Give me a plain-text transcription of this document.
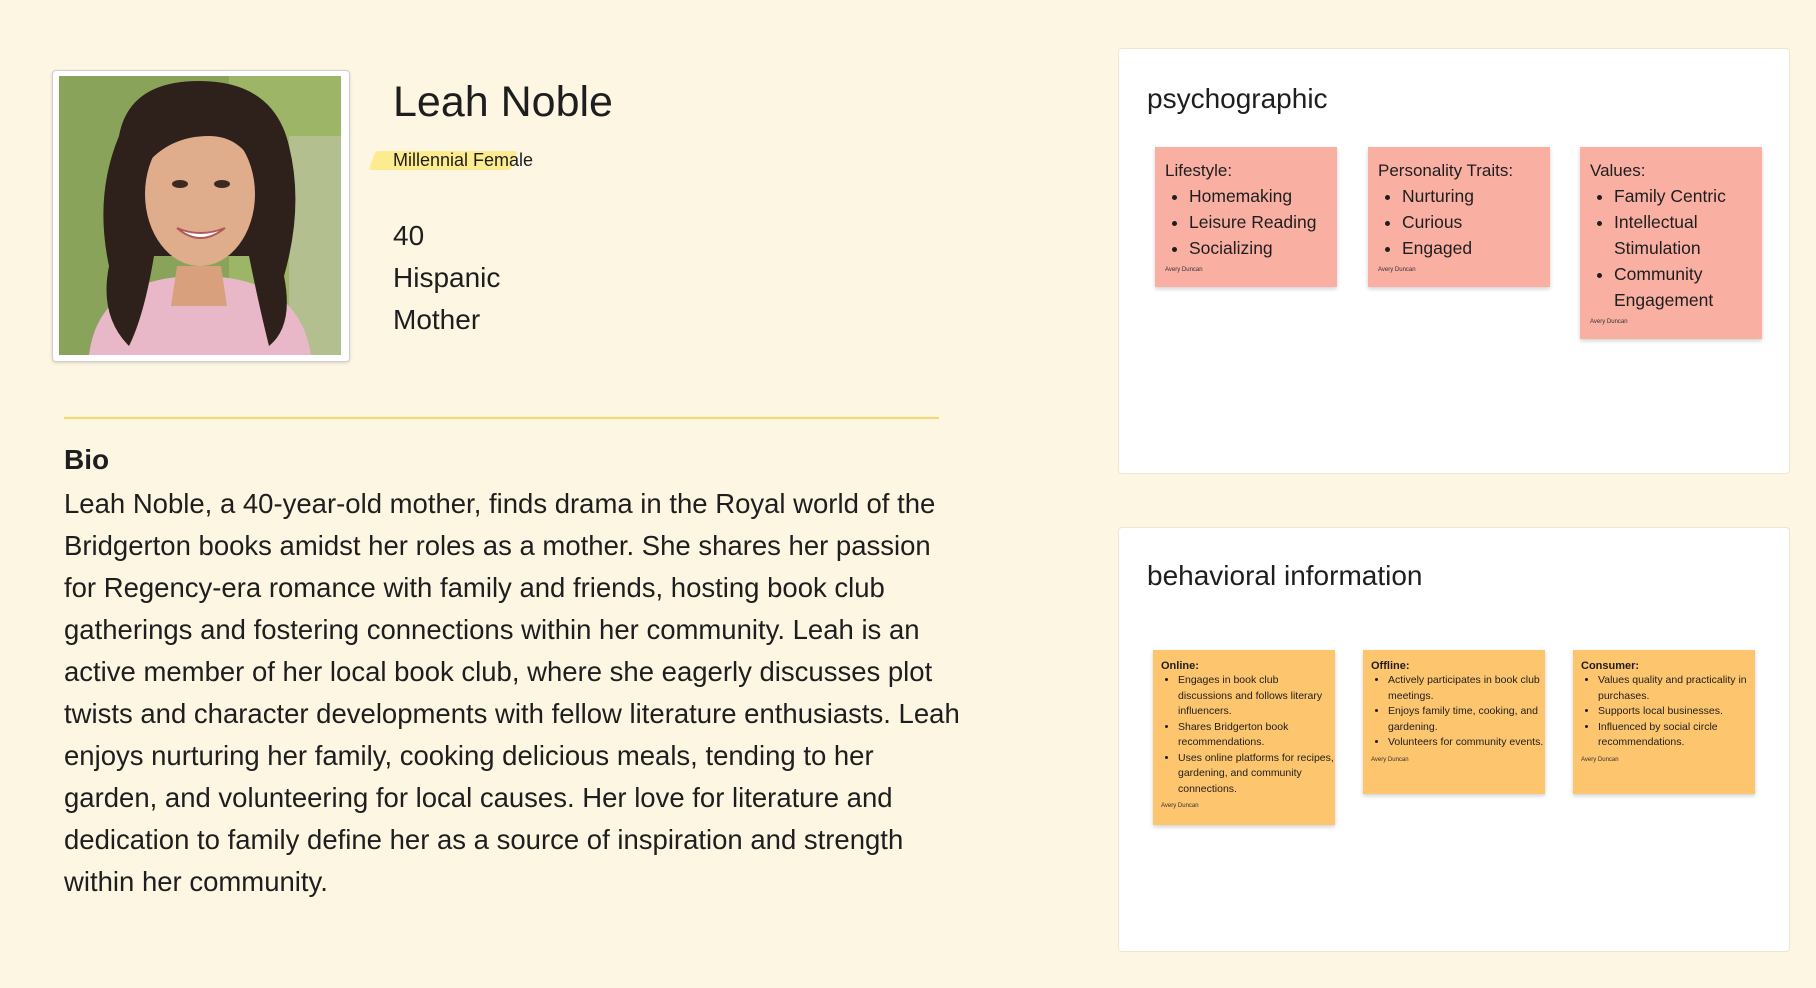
Leah Noble
Millennial Female
40
Hispanic
Mother
Bio
Leah Noble, a 40-year-old mother, finds drama in the Royal world of the Bridgerton books amidst her roles as a mother. She shares her passion for Regency-era romance with family and friends, hosting book club gatherings and fostering connections within her community. Leah is an active member of her local book club, where she eagerly discusses plot twists and character developments with fellow literature enthusiasts. Leah enjoys nurturing her family, cooking delicious meals, tending to her garden, and volunteering for local causes. Her love for literature and dedication to family define her as a source of inspiration and strength within her community.
psychographic
Lifestyle:
• Homemaking
• Leisure Reading
• Socializing
Avery Duncan
Personality Traits:
• Nurturing
• Curious
• Engaged
Avery Duncan
Values:
• Family Centric
• Intellectual Stimulation
• Community Engagement
Avery Duncan
behavioral information
Online:
• Engages in book club discussions and follows literary influencers.
• Shares Bridgerton book recommendations.
• Uses online platforms for recipes, gardening, and community connections.
Avery Duncan
Offline:
• Actively participates in book club meetings.
• Enjoys family time, cooking, and gardening.
• Volunteers for community events.
Avery Duncan
Consumer:
• Values quality and practicality in purchases.
• Supports local businesses.
• Influenced by social circle recommendations.
Avery Duncan
